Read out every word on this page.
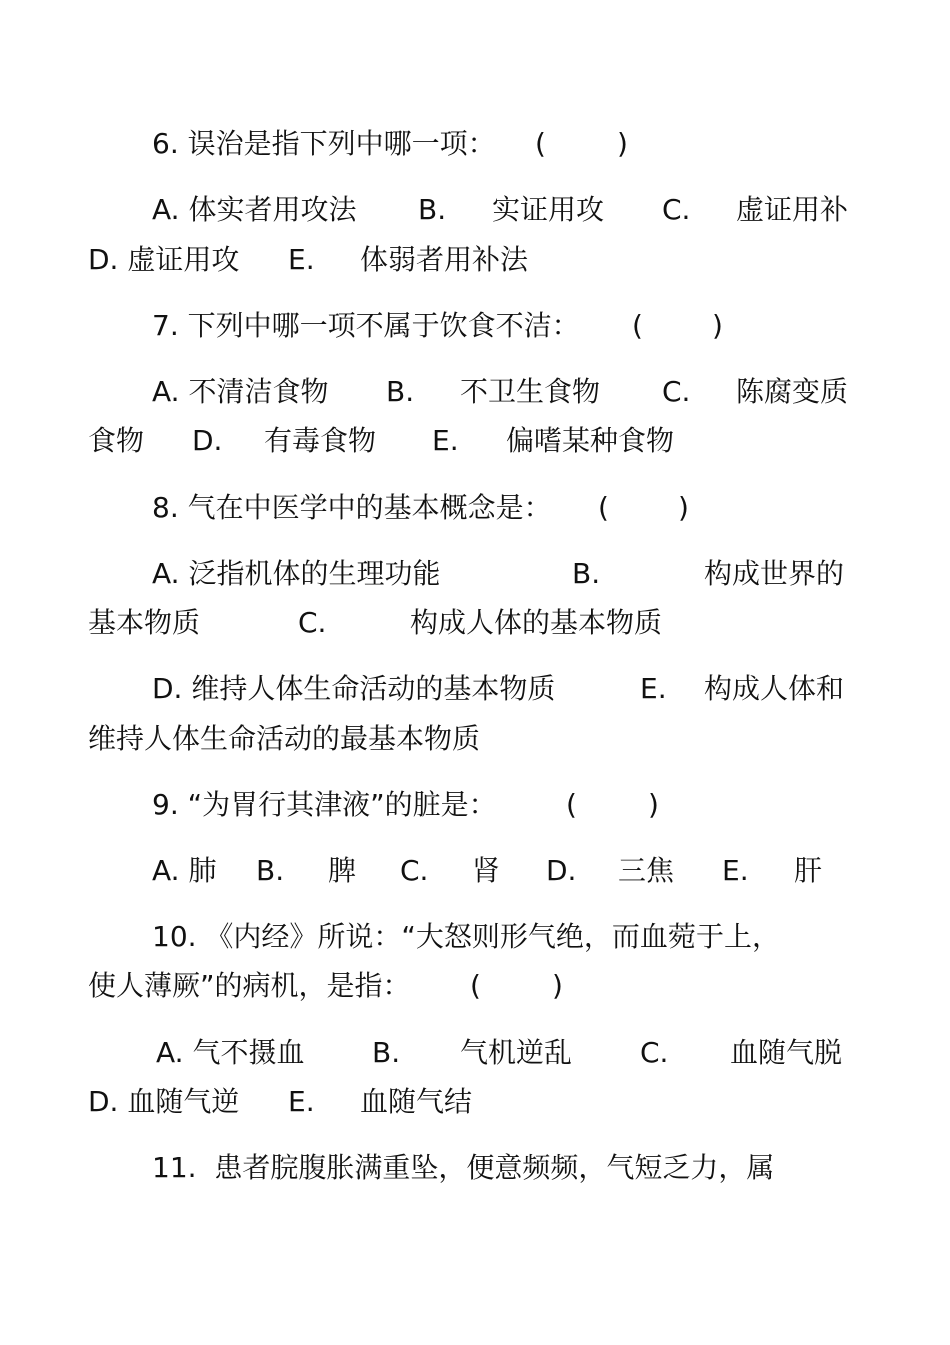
6. 误治是指下列中哪一项：

(

	)

A. 体实者用攻法

B.

实证用攻

C.

虚证用补

D. 虚证用攻

E.

体弱者用补法

7. 下列中哪一项不属于饮食不洁：

(

)

A. 不清洁食物

B.

不卫生食物

C.

陈腐变质

食物

D.

有毒食物

E.

偏嗜某种食物

8. 气在中医学中的基本概念是：

(

)

A. 泛指机体的生理功能

	B.

	构成世界的

基本物质

	C.

	构成人体的基本物质

D. 维持人体生命活动的基本物质

	E.

构成人体和

维持人体生命活动的最基本物质

9. “为胃行其津液”的脏是：

(

	)

A. 肺

B.

脾

C.

肾

D.

三焦

E.

肝

10. 《内经》所说：“大怒则形气绝，而血菀于上，

使人薄厥”的病机，是指：

(

	)

A. 气不摄血

B.

气机逆乱

C.

血随气脱

D. 血随气逆

E.

血随气结

11.  患者脘腹胀满重坠，便意频频，气短乏力，属
